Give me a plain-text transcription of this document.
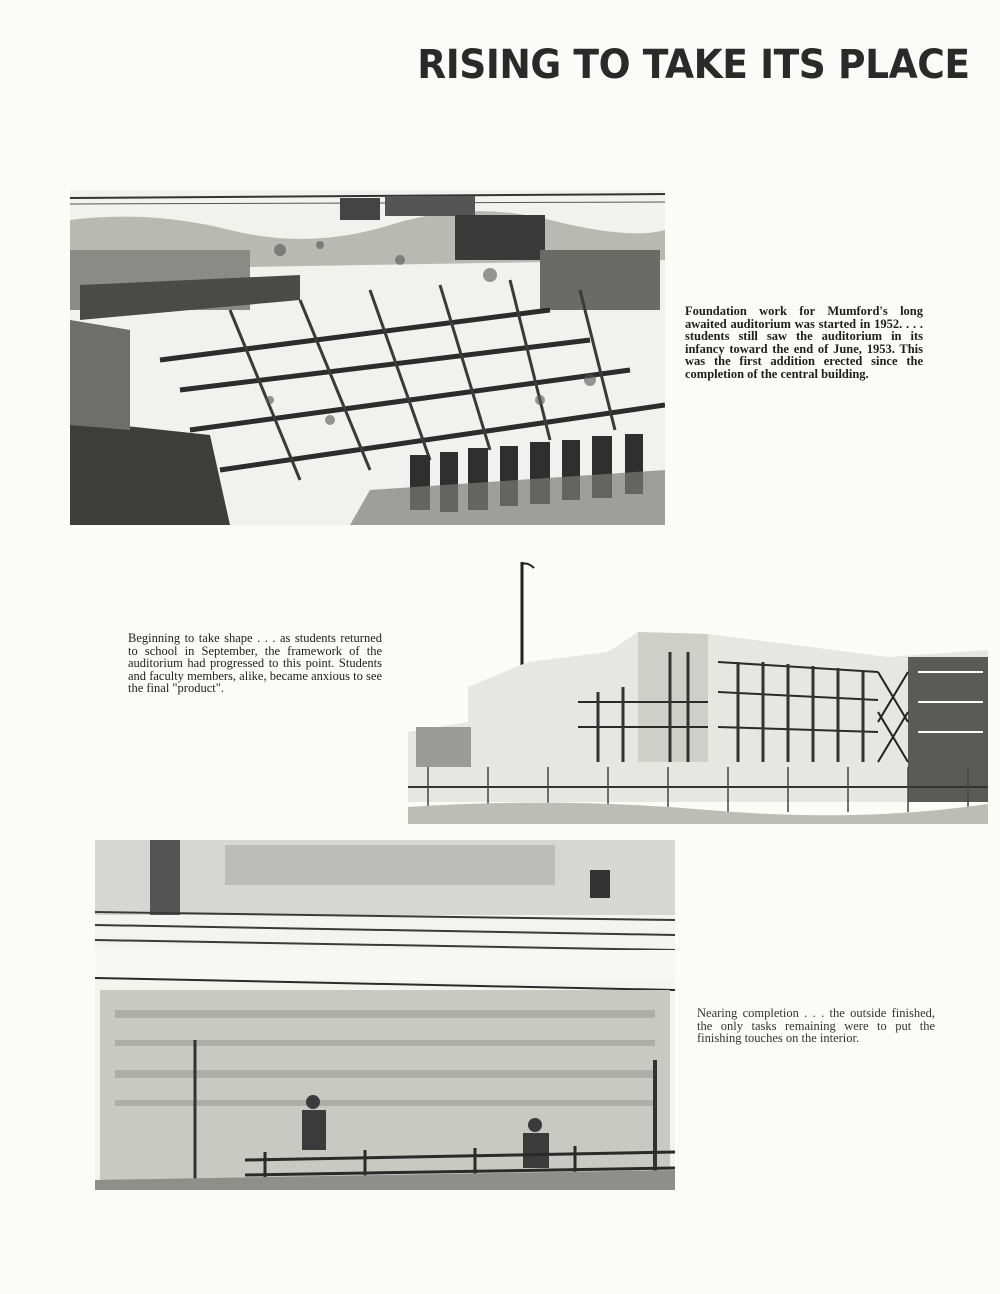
RISING TO TAKE ITS PLACE

Foundation work for Mumford's long awaited auditorium was started in 1952. . . . students still saw the auditorium in its infancy toward the end of June, 1953. This was the first addition erected since the completion of the central building.

Beginning to take shape . . . as students returned to school in September, the framework of the auditorium had progressed to this point. Students and faculty members, alike, became anxious to see the final "product".

Nearing completion . . . the outside finished, the only tasks remaining were to put the finishing touches on the interior.
